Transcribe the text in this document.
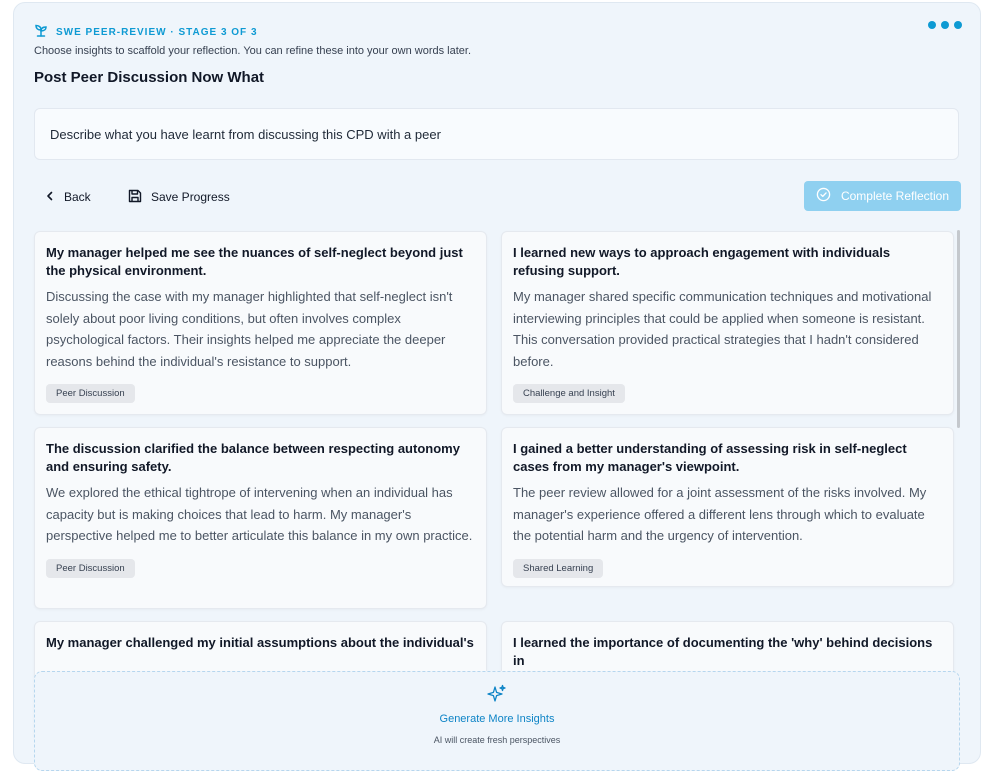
SWE PEER-REVIEW · STAGE 3 OF 3
Choose insights to scaffold your reflection. You can refine these into your own words later.
Post Peer Discussion Now What
Describe what you have learnt from discussing this CPD with a peer
Back	Save Progress	Complete Reflection
My manager helped me see the nuances of self-neglect beyond just the physical environment.

Discussing the case with my manager highlighted that self-neglect isn't solely about poor living conditions, but often involves complex psychological factors. Their insights helped me appreciate the deeper reasons behind the individual's resistance to support.

Peer Discussion
I learned new ways to approach engagement with individuals refusing support.

My manager shared specific communication techniques and motivational interviewing principles that could be applied when someone is resistant. This conversation provided practical strategies that I hadn't considered before.

Challenge and Insight
The discussion clarified the balance between respecting autonomy and ensuring safety.

We explored the ethical tightrope of intervening when an individual has capacity but is making choices that lead to harm. My manager's perspective helped me to better articulate this balance in my own practice.

Peer Discussion
I gained a better understanding of assessing risk in self-neglect cases from my manager's viewpoint.

The peer review allowed for a joint assessment of the risks involved. My manager's experience offered a different lens through which to evaluate the potential harm and the urgency of intervention.

Shared Learning
My manager challenged my initial assumptions about the individual's	I learned the importance of documenting the 'why' behind decisions in
Generate More Insights
AI will create fresh perspectives
